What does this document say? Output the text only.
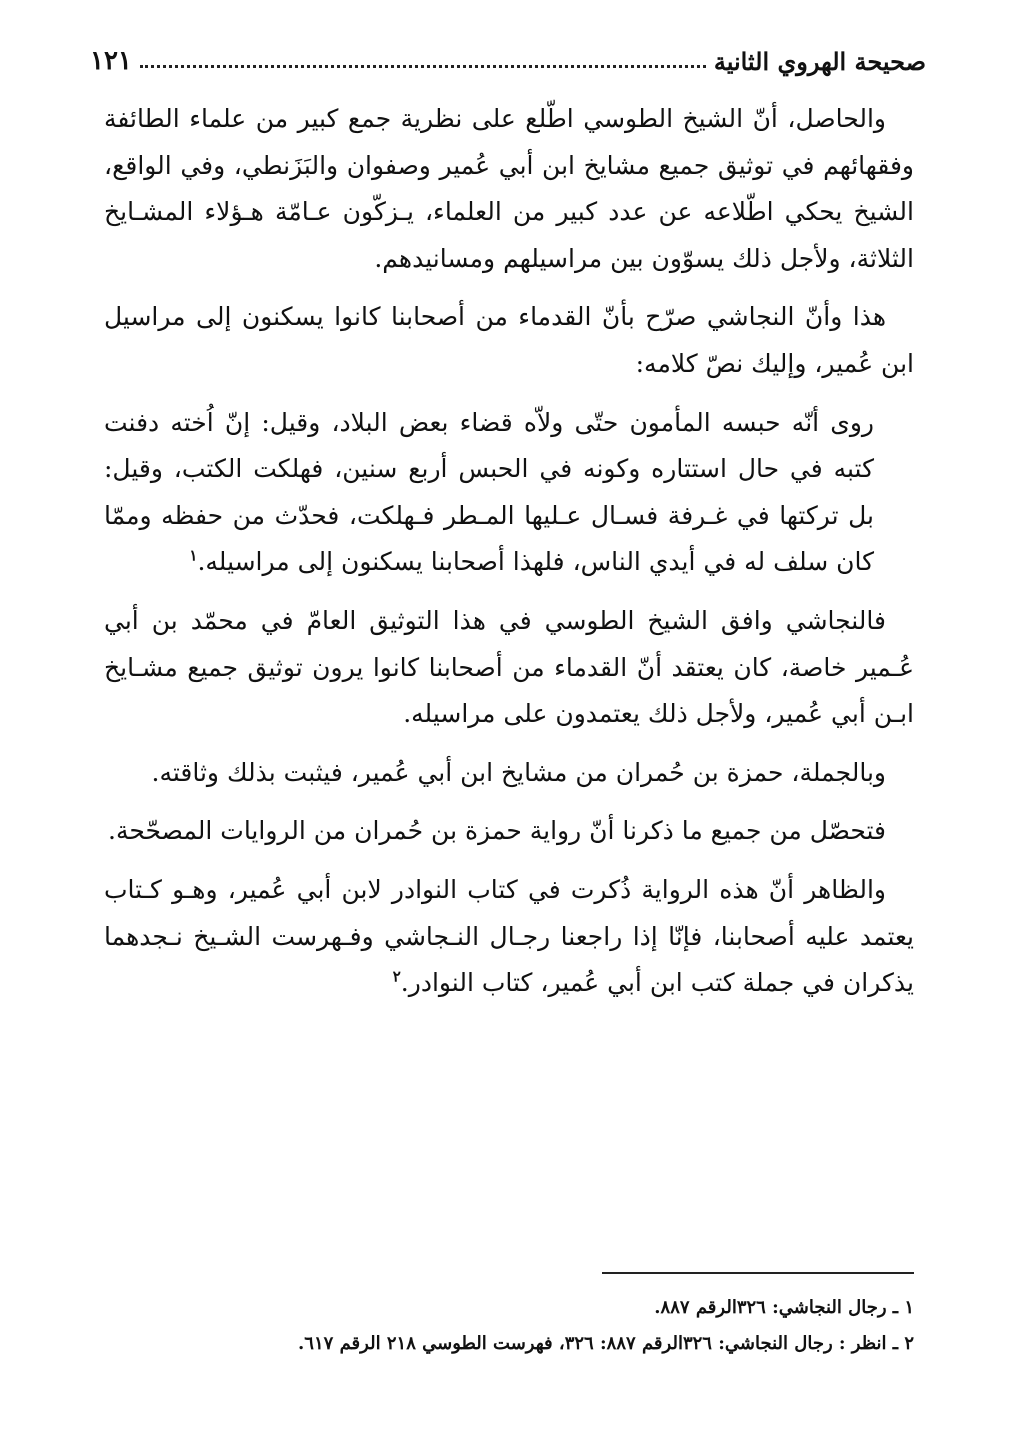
صحيحة الهروي الثانية
١٢١

والحاصل، أنّ الشيخ الطوسي اطّلع على نظرية جمع كبير من علماء الطائفة وفقهائهم في توثيق جميع مشايخ ابن أبي عُمير وصفوان والبَزَنطي، وفي الواقع، الشيخ يحكي اطّلاعه عن عدد كبير من العلماء، يـزكّون عـامّة هـؤلاء المشـايخ الثلاثة، ولأجل ذلك يسوّون بين مراسيلهم ومسانيدهم.

هذا وأنّ النجاشي صرّح بأنّ القدماء من أصحابنا كانوا يسكنون إلى مراسيل ابن عُمير، وإليك نصّ كلامه:

روى أنّه حبسه المأمون حتّى ولاّه قضاء بعض البلاد، وقيل: إنّ اُخته دفنت كتبه في حال استتاره وكونه في الحبس أربع سنين، فهلكت الكتب، وقيل: بل تركتها في غـرفة فسـال عـليها المـطر فـهلكت، فحدّث من حفظه وممّا كان سلف له في أيدي الناس، فلهذا أصحابنا يسكنون إلى مراسيله.$^١$

فالنجاشي وافق الشيخ الطوسي في هذا التوثيق العامّ في محمّد بن أبي عُـمير خاصة، كان يعتقد أنّ القدماء من أصحابنا كانوا يرون توثيق جميع مشـايخ ابـن أبي عُمير، ولأجل ذلك يعتمدون على مراسيله.

وبالجملة، حمزة بن حُمران من مشايخ ابن أبي عُمير، فيثبت بذلك وثاقته.

فتحصّل من جميع ما ذكرنا أنّ رواية حمزة بن حُمران من الروايات المصحّحة.

والظاهر أنّ هذه الرواية ذُكرت في كتاب النوادر لابن أبي عُمير، وهـو كـتاب يعتمد عليه أصحابنا، فإنّا إذا راجعنا رجـال النـجاشي وفـهرست الشـيخ نـجدهما يذكران في جملة كتب ابن أبي عُمير، كتاب النوادر.$^٢$

١ ـ رجال النجاشي: ٣٢٦الرقم ٨٨٧.

٢ ـ انظر : رجال النجاشي: ٣٢٦الرقم ٨٨٧: ٣٢٦، فهرست الطوسي ٢١٨ الرقم ٦١٧.
